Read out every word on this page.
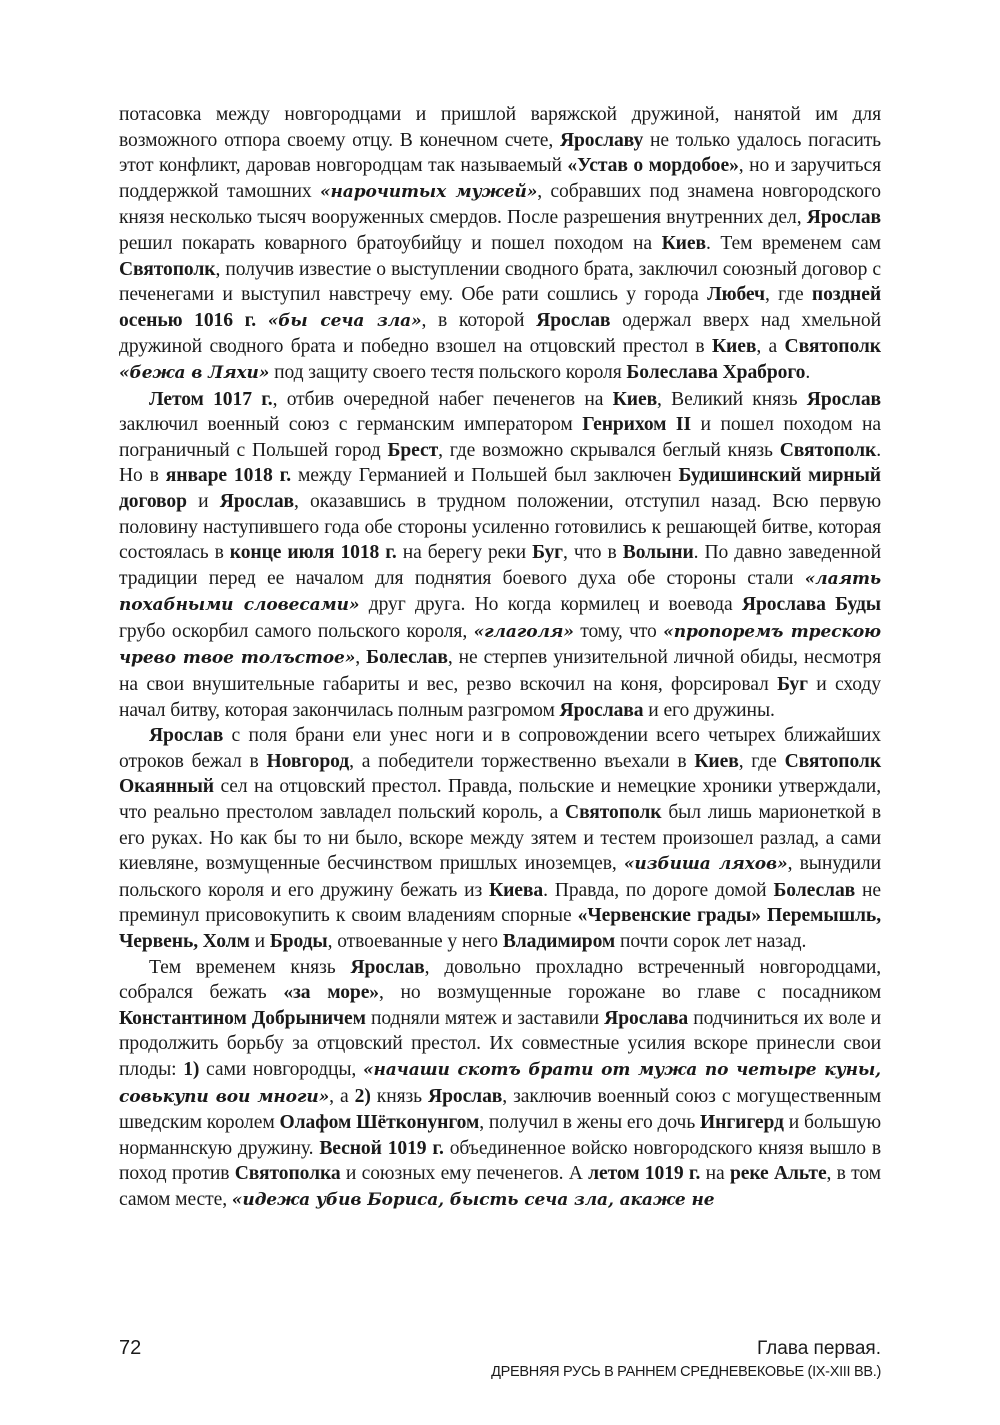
потасовка между новгородцами и пришлой варяжской дружиной, нанятой им для возможного отпора своему отцу. В конечном счете, Ярославу не только удалось погасить этот конфликт, даровав новгородцам так называемый «Устав о мордобое», но и заручиться поддержкой тамошних «нарочитых мужей», собравших под знамена новгородского князя несколько тысяч вооруженных смердов. После разрешения внутренних дел, Ярослав решил покарать коварного братоубийцу и пошел походом на Киев. Тем временем сам Святополк, получив известие о выступлении сводного брата, заключил союзный договор с печенегами и выступил навстречу ему. Обе рати сошлись у города Любеч, где поздней осенью 1016 г. «бы сеча зла», в которой Ярослав одержал вверх над хмельной дружиной сводного брата и победно взошел на отцовский престол в Киев, а Святополк «бежа в Ляхи» под защиту своего тестя польского короля Болеслава Храброго.

Летом 1017 г., отбив очередной набег печенегов на Киев, Великий князь Ярослав заключил военный союз с германским императором Генрихом II и пошел походом на пограничный с Польшей город Брест, где возможно скрывался беглый князь Святополк. Но в январе 1018 г. между Германией и Польшей был заключен Будишинский мирный договор и Ярослав, оказавшись в трудном положении, отступил назад. Всю первую половину наступившего года обе стороны усиленно готовились к решающей битве, которая состоялась в конце июля 1018 г. на берегу реки Буг, что в Волыни. По давно заведенной традиции перед ее началом для поднятия боевого духа обе стороны стали «лаять похабными словесами» друг друга. Но когда кормилец и воевода Ярослава Буды грубо оскорбил самого польского короля, «глаголя» тому, что «пропоремъ трескою чрево твое толъстое», Болеслав, не стерпев унизительной личной обиды, несмотря на свои внушительные габариты и вес, резво вскочил на коня, форсировал Буг и сходу начал битву, которая закончилась полным разгромом Ярослава и его дружины.

Ярослав с поля брани ели унес ноги и в сопровождении всего четырех ближайших отроков бежал в Новгород, а победители торжественно въехали в Киев, где Святополк Окаянный сел на отцовский престол. Правда, польские и немецкие хроники утверждали, что реально престолом завладел польский король, а Святополк был лишь марионеткой в его руках. Но как бы то ни было, вскоре между зятем и тестем произошел разлад, а сами киевляне, возмущенные бесчинством пришлых иноземцев, «избиша ляхов», вынудили польского короля и его дружину бежать из Киева. Правда, по дороге домой Болеслав не преминул присовокупить к своим владениям спорные «Червенские грады» Перемышль, Червень, Холм и Броды, отвоеванные у него Владимиром почти сорок лет назад.

Тем временем князь Ярослав, довольно прохладно встреченный новгородцами, собрался бежать «за море», но возмущенные горожане во главе с посадником Константином Добрыничем подняли мятеж и заставили Ярослава подчиниться их воле и продолжить борьбу за отцовский престол. Их совместные усилия вскоре принесли свои плоды: 1) сами новгородцы, «начаши скотъ брати от мужа по четыре куны, совькупи вои многи», а 2) князь Ярослав, заключив военный союз с могущественным шведским королем Олафом Шётконунгом, получил в жены его дочь Ингигерд и большую норманнскую дружину. Весной 1019 г. объединенное войско новгородского князя вышло в поход против Святополка и союзных ему печенегов. А летом 1019 г. на реке Альте, в том самом месте, «идежа убив Бориса, бысть сеча зла, акаже не

72	Глава первая.
ДРЕВНЯЯ РУСЬ В РАННЕМ СРЕДНЕВЕКОВЬЕ (IX-XIII ВВ.)
